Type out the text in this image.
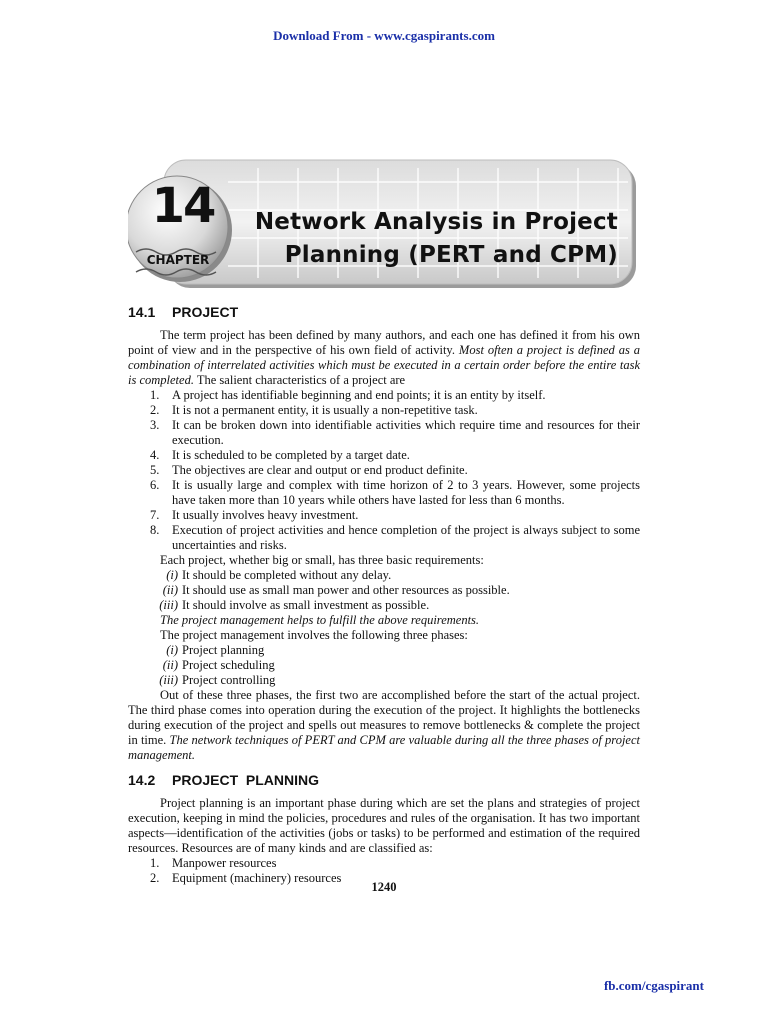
Download From - www.cgaspirants.com
14
CHAPTER
Network Analysis in Project
Planning (PERT and CPM)
14.1 PROJECT

The term project has been defined by many authors, and each one has defined it from his own point of view and in the perspective of his own field of activity. Most often a project is defined as a combination of interrelated activities which must be executed in a certain order before the entire task is completed. The salient characteristics of a project are

1.	A project has identifiable beginning and end points; it is an entity by itself.
2.	It is not a permanent entity, it is usually a non-repetitive task.
3.	It can be broken down into identifiable activities which require time and resources for their execution.
4.	It is scheduled to be completed by a target date.
5.	The objectives are clear and output or end product definite.
6.	It is usually large and complex with time horizon of 2 to 3 years. However, some projects have taken more than 10 years while others have lasted for less than 6 months.
7.	It usually involves heavy investment.
8.	Execution of project activities and hence completion of the project is always subject to some uncertainties and risks.

Each project, whether big or small, has three basic requirements:

(i) It should be completed without any delay.
(ii) It should use as small man power and other resources as possible.
(iii) It should involve as small investment as possible.

The project management helps to fulfill the above requirements.

The project management involves the following three phases:

(i) Project planning
(ii) Project scheduling
(iii) Project controlling

Out of these three phases, the first two are accomplished before the start of the actual project. The third phase comes into operation during the execution of the project. It highlights the bottlenecks during execution of the project and spells out measures to remove bottlenecks & complete the project in time. The network techniques of PERT and CPM are valuable during all the three phases of project management.

14.2 PROJECT  PLANNING

Project planning is an important phase during which are set the plans and strategies of project execution, keeping in mind the policies, procedures and rules of the organisation. It has two important aspects—identification of the activities (jobs or tasks) to be performed and estimation of the required resources. Resources are of many kinds and are classified as:

1.	Manpower resources
2.	Equipment (machinery) resources
1240
fb.com/cgaspirant
